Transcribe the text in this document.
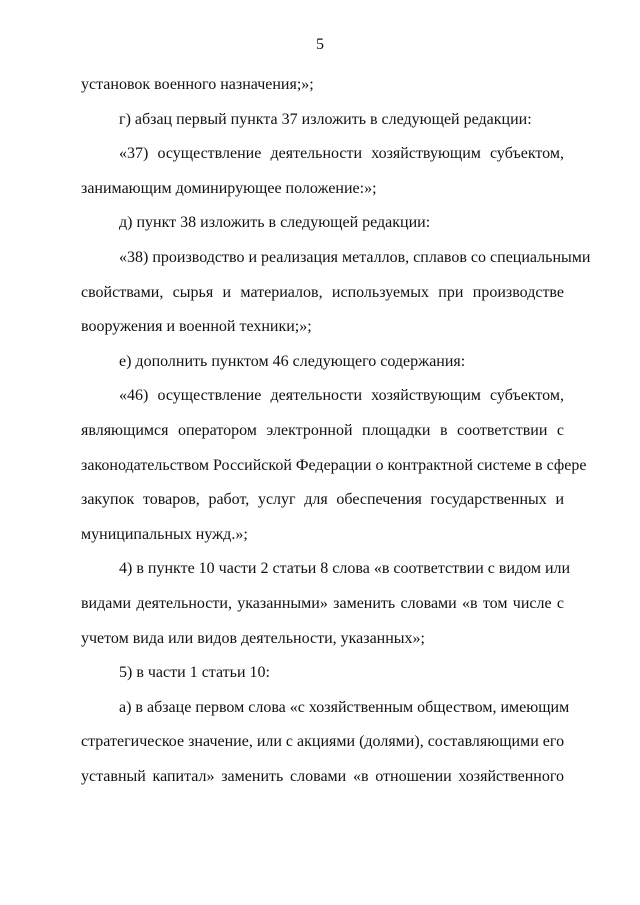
5
установок военного назначения;»;
г) абзац первый пункта 37 изложить в следующей редакции:
«37) осуществление деятельности хозяйствующим субъектом,
занимающим доминирующее положение:»;
д) пункт 38 изложить в следующей редакции:
«38) производство и реализация металлов, сплавов со специальными
свойствами, сырья и материалов, используемых при производстве
вооружения и военной техники;»;
е) дополнить пунктом 46 следующего содержания:
«46) осуществление деятельности хозяйствующим субъектом,
являющимся оператором электронной площадки в соответствии с
законодательством Российской Федерации о контрактной системе в сфере
закупок товаров, работ, услуг для обеспечения государственных и
муниципальных нужд.»;
4) в пункте 10 части 2 статьи 8 слова «в соответствии с видом или
видами деятельности, указанными» заменить словами «в том числе с
учетом вида или видов деятельности, указанных»;
5) в части 1 статьи 10:
а) в абзаце первом слова «с хозяйственным обществом, имеющим
стратегическое значение, или с акциями (долями), составляющими его
уставный капитал» заменить словами «в отношении хозяйственного
